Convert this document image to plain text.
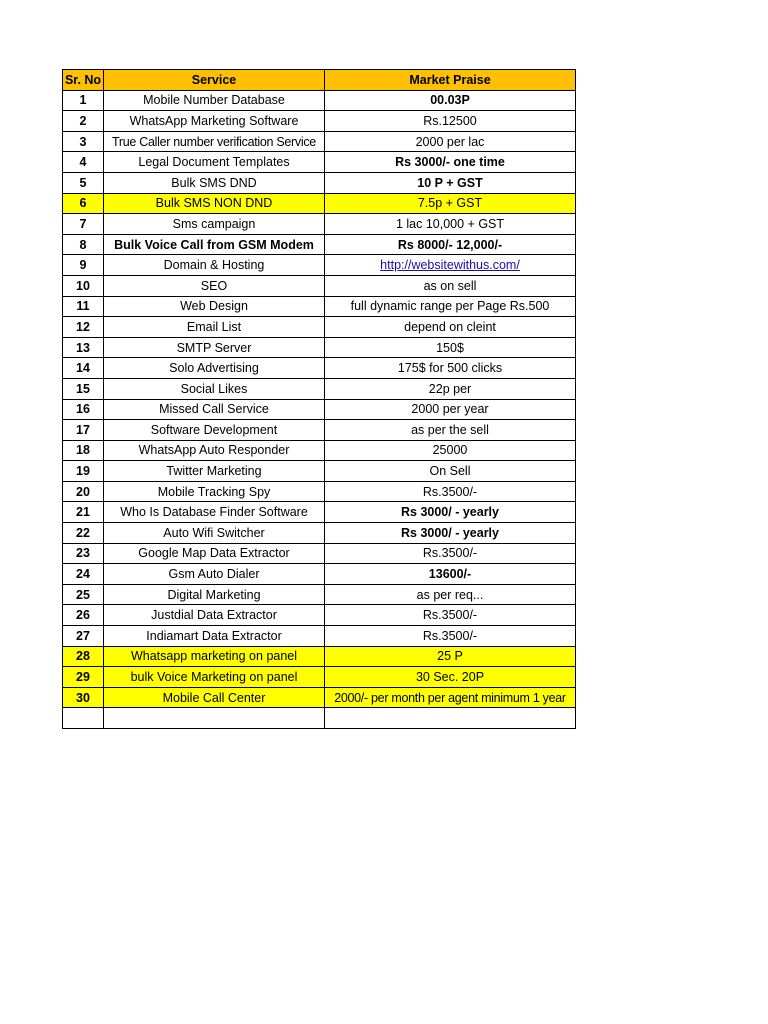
Sr. No	Service	Market Praise
1	Mobile Number Database	00.03P
2	WhatsApp Marketing Software	Rs.12500
3	True Caller number verification Service	2000 per lac
4	Legal Document Templates	Rs 3000/- one time
5	Bulk SMS DND	10 P + GST
6	Bulk SMS NON DND	7.5p + GST
7	Sms campaign	1 lac 10,000 + GST
8	Bulk Voice Call from GSM Modem	Rs 8000/- 12,000/-
9	Domain & Hosting	http://websitewithus.com/
10	SEO	as on sell
11	Web Design	full dynamic range per Page Rs.500
12	Email List	depend on cleint
13	SMTP Server	150$
14	Solo Advertising	175$ for 500 clicks
15	Social Likes	22p per
16	Missed Call Service	2000 per year
17	Software Development	as per the sell
18	WhatsApp Auto Responder	25000
19	Twitter Marketing	On Sell
20	Mobile Tracking Spy	Rs.3500/-
21	Who Is Database Finder Software	Rs 3000/ - yearly
22	Auto Wifi Switcher	Rs 3000/ - yearly
23	Google Map Data Extractor	Rs.3500/-
24	Gsm Auto Dialer	13600/-
25	Digital Marketing	as per req...
26	Justdial Data Extractor	Rs.3500/-
27	Indiamart Data Extractor	Rs.3500/-
28	Whatsapp marketing on panel	25 P
29	bulk Voice Marketing on panel	30 Sec. 20P
30	Mobile Call Center	2000/- per month per agent minimum 1 year
